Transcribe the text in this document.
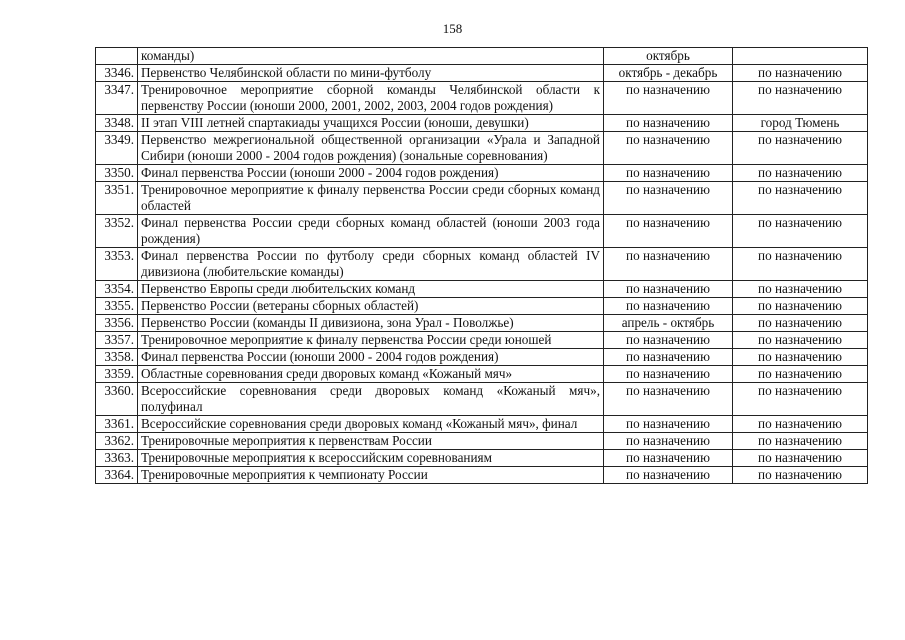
158
	команды)	октябрь	
3346.	Первенство Челябинской области по мини-футболу	октябрь - декабрь	по назначению
3347.	Тренировочное мероприятие сборной команды Челябинской области к первенству России (юноши 2000, 2001, 2002, 2003, 2004 годов рождения)	по назначению	по назначению
3348.	II этап VIII летней спартакиады учащихся России (юноши, девушки)	по назначению	город Тюмень
3349.	Первенство межрегиональной общественной организации «Урала и Западной Сибири (юноши 2000 - 2004 годов рождения) (зональные соревнования)	по назначению	по назначению
3350.	Финал первенства России (юноши 2000 - 2004 годов рождения)	по назначению	по назначению
3351.	Тренировочное мероприятие к финалу первенства России среди сборных команд областей	по назначению	по назначению
3352.	Финал первенства России среди сборных команд областей (юноши 2003 года рождения)	по назначению	по назначению
3353.	Финал первенства России по футболу среди сборных команд областей IV дивизиона (любительские команды)	по назначению	по назначению
3354.	Первенство Европы среди любительских команд	по назначению	по назначению
3355.	Первенство России (ветераны сборных областей)	по назначению	по назначению
3356.	Первенство России (команды II дивизиона, зона Урал - Поволжье)	апрель - октябрь	по назначению
3357.	Тренировочное мероприятие к финалу первенства России среди юношей	по назначению	по назначению
3358.	Финал первенства России (юноши 2000 - 2004 годов рождения)	по назначению	по назначению
3359.	Областные соревнования среди дворовых команд «Кожаный мяч»	по назначению	по назначению
3360.	Всероссийские соревнования среди дворовых команд «Кожаный мяч», полуфинал	по назначению	по назначению
3361.	Всероссийские соревнования среди дворовых команд «Кожаный мяч», финал	по назначению	по назначению
3362.	Тренировочные мероприятия к первенствам России	по назначению	по назначению
3363.	Тренировочные мероприятия к всероссийским соревнованиям	по назначению	по назначению
3364.	Тренировочные мероприятия к чемпионату России	по назначению	по назначению
